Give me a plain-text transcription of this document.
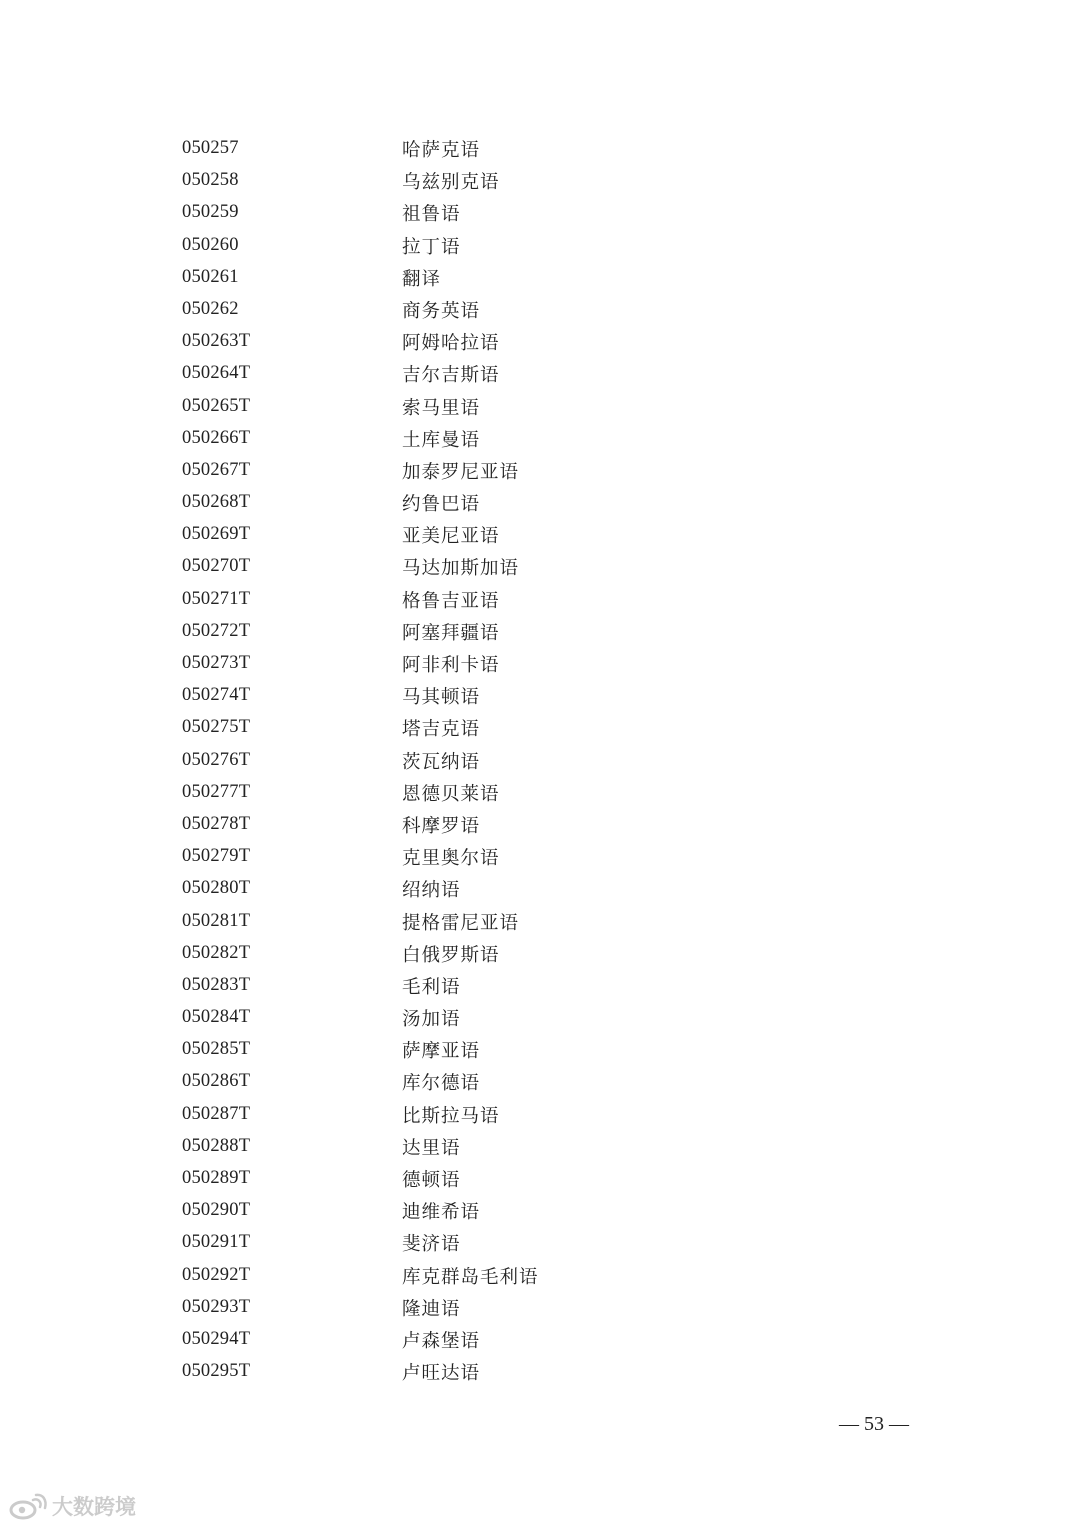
050257	哈萨克语
050258	乌兹别克语
050259	祖鲁语
050260	拉丁语
050261	翻译
050262	商务英语
050263T	阿姆哈拉语
050264T	吉尔吉斯语
050265T	索马里语
050266T	土库曼语
050267T	加泰罗尼亚语
050268T	约鲁巴语
050269T	亚美尼亚语
050270T	马达加斯加语
050271T	格鲁吉亚语
050272T	阿塞拜疆语
050273T	阿非利卡语
050274T	马其顿语
050275T	塔吉克语
050276T	茨瓦纳语
050277T	恩德贝莱语
050278T	科摩罗语
050279T	克里奥尔语
050280T	绍纳语
050281T	提格雷尼亚语
050282T	白俄罗斯语
050283T	毛利语
050284T	汤加语
050285T	萨摩亚语
050286T	库尔德语
050287T	比斯拉马语
050288T	达里语
050289T	德顿语
050290T	迪维希语
050291T	斐济语
050292T	库克群岛毛利语
050293T	隆迪语
050294T	卢森堡语
050295T	卢旺达语
— 53 —
大数跨境
